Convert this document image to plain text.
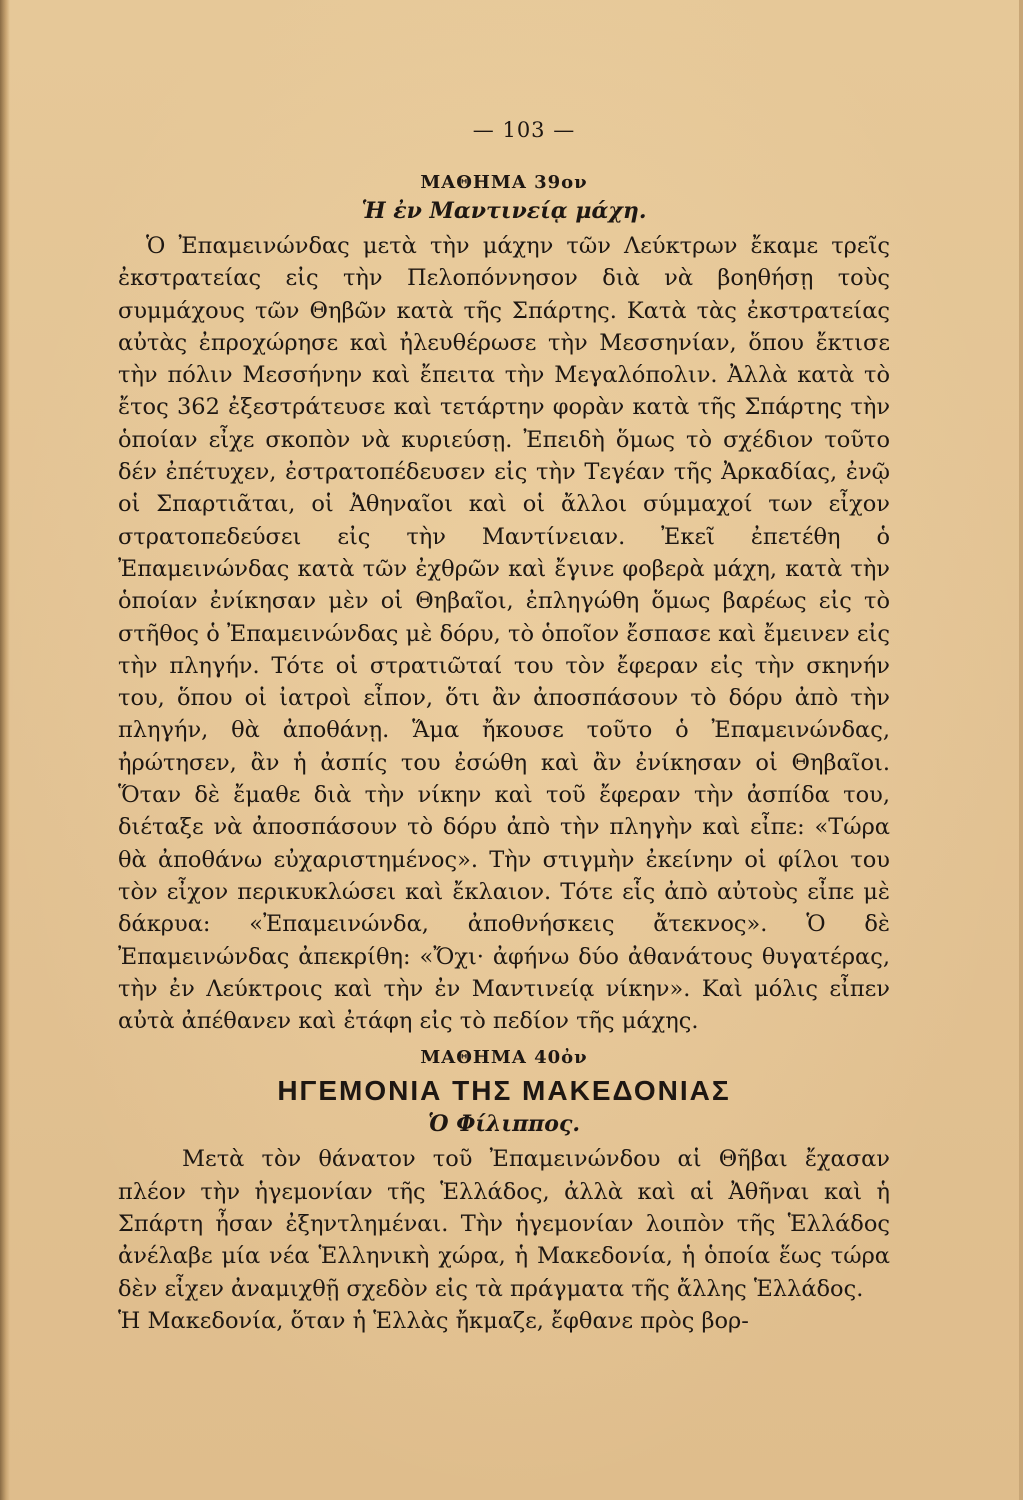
— 103 —
ΜΑΘΗΜΑ 39ον
Ἡ ἐν Μαντινείᾳ μάχη.

Ὁ Ἐπαμεινώνδας μετὰ τὴν μάχην τῶν Λεύκτρων ἔκαμε τρεῖς ἐκστρατείας εἰς τὴν Πελοπόννησον διὰ νὰ βοηθήσῃ τοὺς συμμάχους τῶν Θηβῶν κατὰ τῆς Σπάρτης. Κατὰ τὰς ἐκστρατείας αὐτὰς ἐπροχώρησε καὶ ἠλευθέρωσε τὴν Μεσσηνίαν, ὅπου ἔκτισε τὴν πόλιν Μεσσήνην καὶ ἔπειτα τὴν Μεγαλόπολιν. Ἀλλὰ κατὰ τὸ ἔτος 362 ἐξεστράτευσε καὶ τετάρτην φορὰν κατὰ τῆς Σπάρτης τὴν ὁποίαν εἶχε σκοπὸν νὰ κυριεύσῃ. Ἐπειδὴ ὅμως τὸ σχέδιον τοῦτο δέν ἐπέτυχεν, ἐστρατοπέδευσεν εἰς τὴν Τεγέαν τῆς Ἀρκαδίας, ἐνῷ οἱ Σπαρτιᾶται, οἱ Ἀθηναῖοι καὶ οἱ ἄλλοι σύμμαχοί των εἶχον στρατοπεδεύσει εἰς τὴν Μαντίνειαν. Ἐκεῖ ἐπετέθη ὁ Ἐπαμεινώνδας κατὰ τῶν ἐχθρῶν καὶ ἔγινε φοβερὰ μάχη, κατὰ τὴν ὁποίαν ἐνίκησαν μὲν οἱ Θηβαῖοι, ἐπληγώθη ὅμως βαρέως εἰς τὸ στῆθος ὁ Ἐπαμεινώνδας μὲ δόρυ, τὸ ὁποῖον ἔσπασε καὶ ἔμεινεν εἰς τὴν πληγήν. Τότε οἱ στρατιῶταί του τὸν ἔφεραν εἰς τὴν σκηνήν του, ὅπου οἱ ἰατροὶ εἶπον, ὅτι ἂν ἀποσπάσουν τὸ δόρυ ἀπὸ τὴν πληγήν, θὰ ἀποθάνῃ. Ἅμα ἤκουσε τοῦτο ὁ Ἐπαμεινώνδας, ἠρώτησεν, ἂν ἡ ἀσπίς του ἐσώθη καὶ ἂν ἐνίκησαν οἱ Θηβαῖοι. Ὅταν δὲ ἔμαθε διὰ τὴν νίκην καὶ τοῦ ἔφεραν τὴν ἀσπίδα του, διέταξε νὰ ἀποσπάσουν τὸ δόρυ ἀπὸ τὴν πληγὴν καὶ εἶπε: «Τώρα θὰ ἀποθάνω εὐχαριστημένος». Τὴν στιγμὴν ἐκείνην οἱ φίλοι του τὸν εἶχον περικυκλώσει καὶ ἔκλαιον. Τότε εἷς ἀπὸ αὐτοὺς εἶπε μὲ δάκρυα: «Ἐπαμεινώνδα, ἀποθνήσκεις ἄτεκνος». Ὁ δὲ Ἐπαμεινώνδας ἀπεκρίθη: «Ὄχι· ἀφήνω δύο ἀθανάτους θυγατέρας, τὴν ἐν Λεύκτροις καὶ τὴν ἐν Μαντινείᾳ νίκην». Καὶ μόλις εἶπεν αὐτὰ ἀπέθανεν καὶ ἐτάφη εἰς τὸ πεδίον τῆς μάχης.

ΜΑΘΗΜΑ 40ὀν
ΗΓΕΜΟΝΙΑ ΤΗΣ ΜΑΚΕΔΟΝΙΑΣ
Ὁ Φίλιππος.

Μετὰ τὸν θάνατον τοῦ Ἐπαμεινώνδου αἱ Θῆβαι ἔχασαν πλέον τὴν ἡγεμονίαν τῆς Ἑλλάδος, ἀλλὰ καὶ αἱ Ἀθῆναι καὶ ἡ Σπάρτη ἦσαν ἐξηντλημέναι. Τὴν ἡγεμονίαν λοιπὸν τῆς Ἑλλάδος ἀνέλαβε μία νέα Ἑλληνικὴ χώρα, ἡ Μακεδονία, ἡ ὁποία ἕως τώρα δὲν εἶχεν ἀναμιχθῇ σχεδὸν εἰς τὰ πράγματα τῆς ἄλλης Ἑλλάδος.

Ἡ Μακεδονία, ὅταν ἡ Ἑλλὰς ἤκμαζε, ἔφθανε πρὸς βορ-
